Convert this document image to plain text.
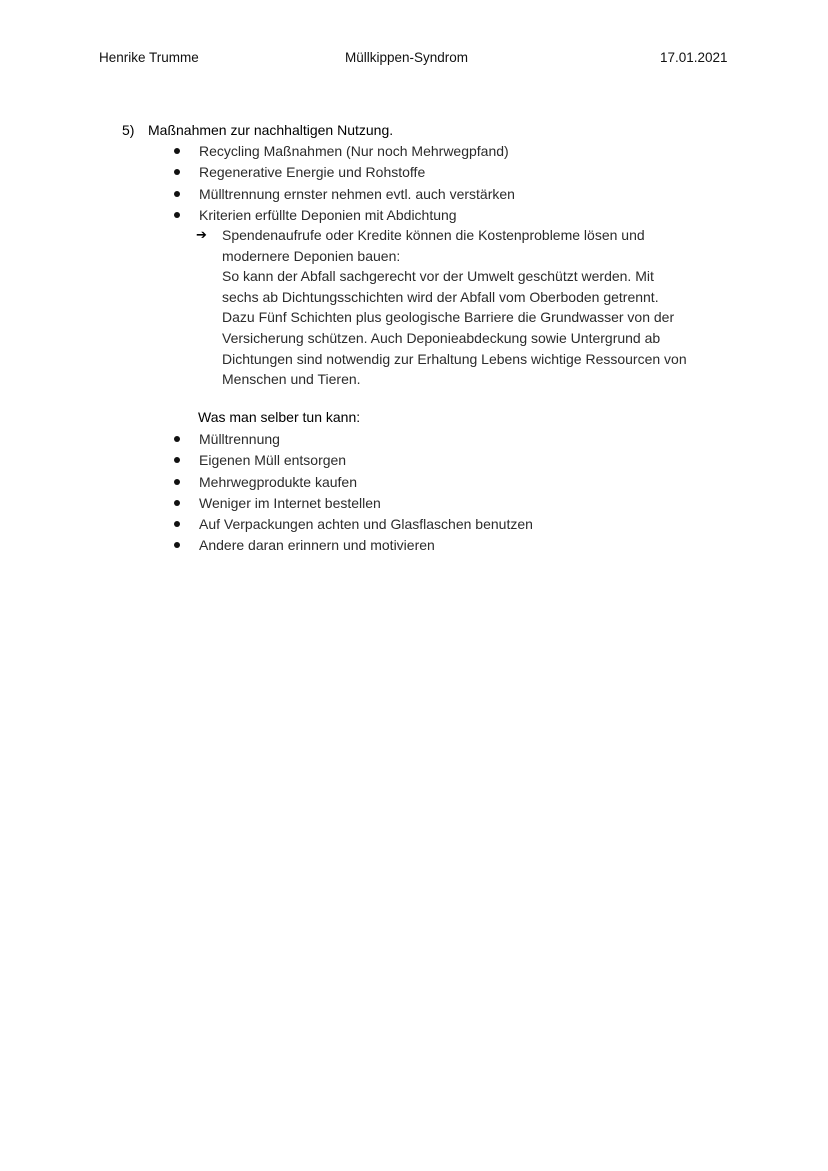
Henrike Trumme	Müllkippen-Syndrom	17.01.2021
5) Maßnahmen zur nachhaltigen Nutzung.
Recycling Maßnahmen (Nur noch Mehrwegpfand)
Regenerative Energie und Rohstoffe
Mülltrennung ernster nehmen evtl. auch verstärken
Kriterien erfüllte Deponien mit Abdichtung
➔ Spendenaufrufe oder Kredite können die Kostenprobleme lösen und
modernere Deponien bauen:
So kann der Abfall sachgerecht vor der Umwelt geschützt werden. Mit
sechs ab Dichtungsschichten wird der Abfall vom Oberboden getrennt.
Dazu Fünf Schichten plus geologische Barriere die Grundwasser von der
Versicherung schützen. Auch Deponieabdeckung sowie Untergrund ab
Dichtungen sind notwendig zur Erhaltung Lebens wichtige Ressourcen von
Menschen und Tieren.
Was man selber tun kann:
Mülltrennung
Eigenen Müll entsorgen
Mehrwegprodukte kaufen
Weniger im Internet bestellen
Auf Verpackungen achten und Glasflaschen benutzen
Andere daran erinnern und motivieren
